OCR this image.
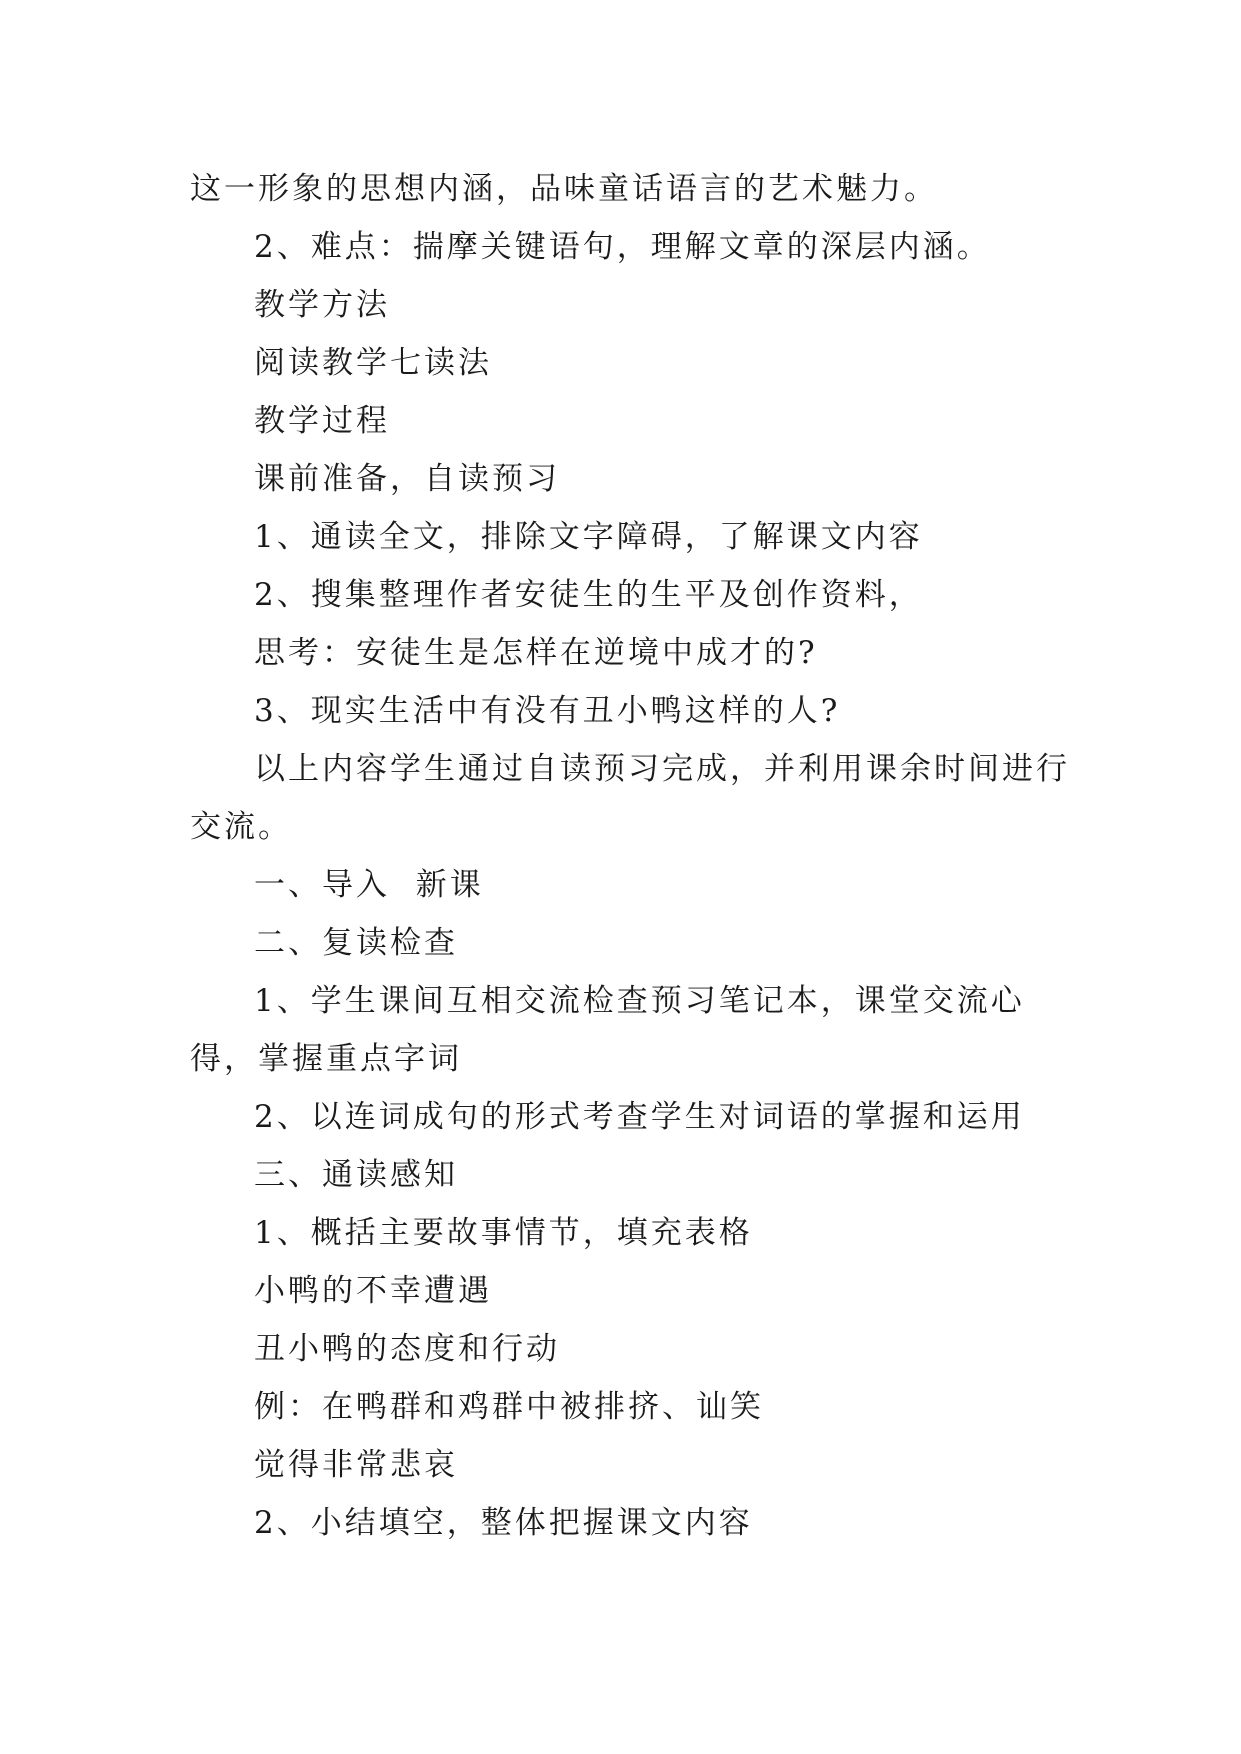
这一形象的思想内涵，品味童话语言的艺术魅力。

2、难点：揣摩关键语句，理解文章的深层内涵。

教学方法

阅读教学七读法

教学过程

课前准备，自读预习

1、通读全文，排除文字障碍，了解课文内容

2、搜集整理作者安徒生的生平及创作资料，

思考：安徒生是怎样在逆境中成才的?

3、现实生活中有没有丑小鸭这样的人?

以上内容学生通过自读预习完成，并利用课余时间进行交流。

一、导入  新课

二、复读检查

1、学生课间互相交流检查预习笔记本，课堂交流心得，掌握重点字词

2、以连词成句的形式考查学生对词语的掌握和运用

三、通读感知

1、概括主要故事情节，填充表格

小鸭的不幸遭遇

丑小鸭的态度和行动

例：在鸭群和鸡群中被排挤、讪笑

觉得非常悲哀

2、小结填空，整体把握课文内容
